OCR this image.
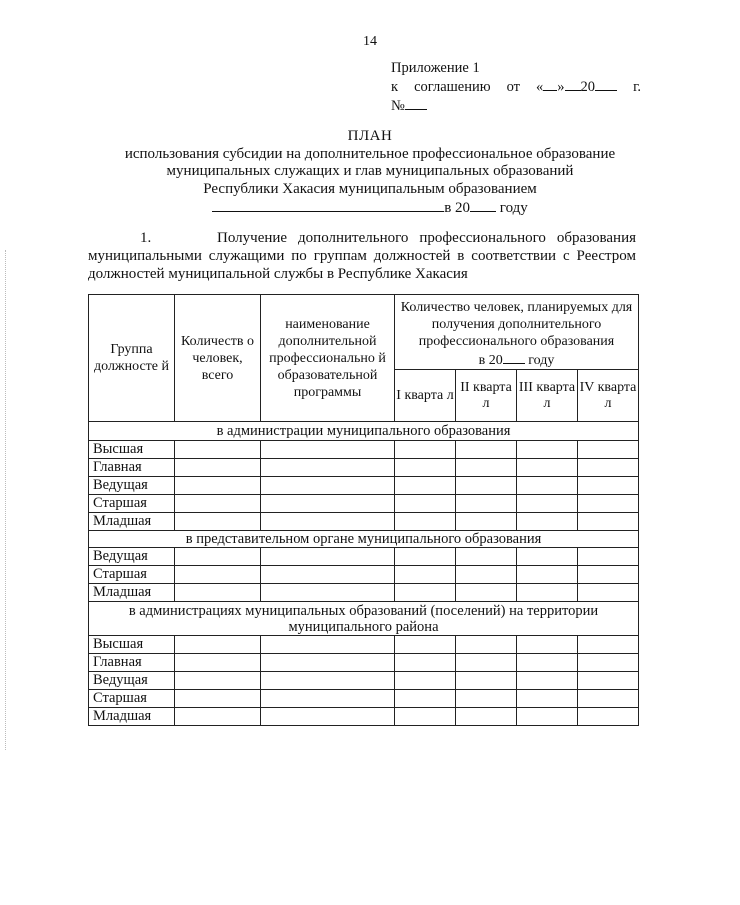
14
Приложение 1
к соглашению от « » 20	г.
№
ПЛАН
использования субсидии на дополнительное профессиональное образование
муниципальных служащих и глав муниципальных образований
Республики Хакасия муниципальным образованием
в 20 году
1.	Получение дополнительного профессионального образования муниципальными служащими по группам должностей в соответствии с Реестром должностей муниципальной службы в Республике Хакасия
Группа должносте й	Количеств о человек, всего	наименование дополнительной профессионально й образовательной программы	Количество человек, планируемых для получения дополнительного профессионального образования
в 20 году			

			I кварта л	II кварта л	III кварта л	IV кварта л
в администрации муниципального образования						
Высшая						
Главная						
Ведущая						
Старшая						
Младшая						
в представительном органе муниципального образования						
Ведущая						
Старшая						
Младшая						
в администрациях муниципальных образований (поселений) на территории муниципального района						
Высшая						
Главная						
Ведущая						
Старшая						
Младшая						
